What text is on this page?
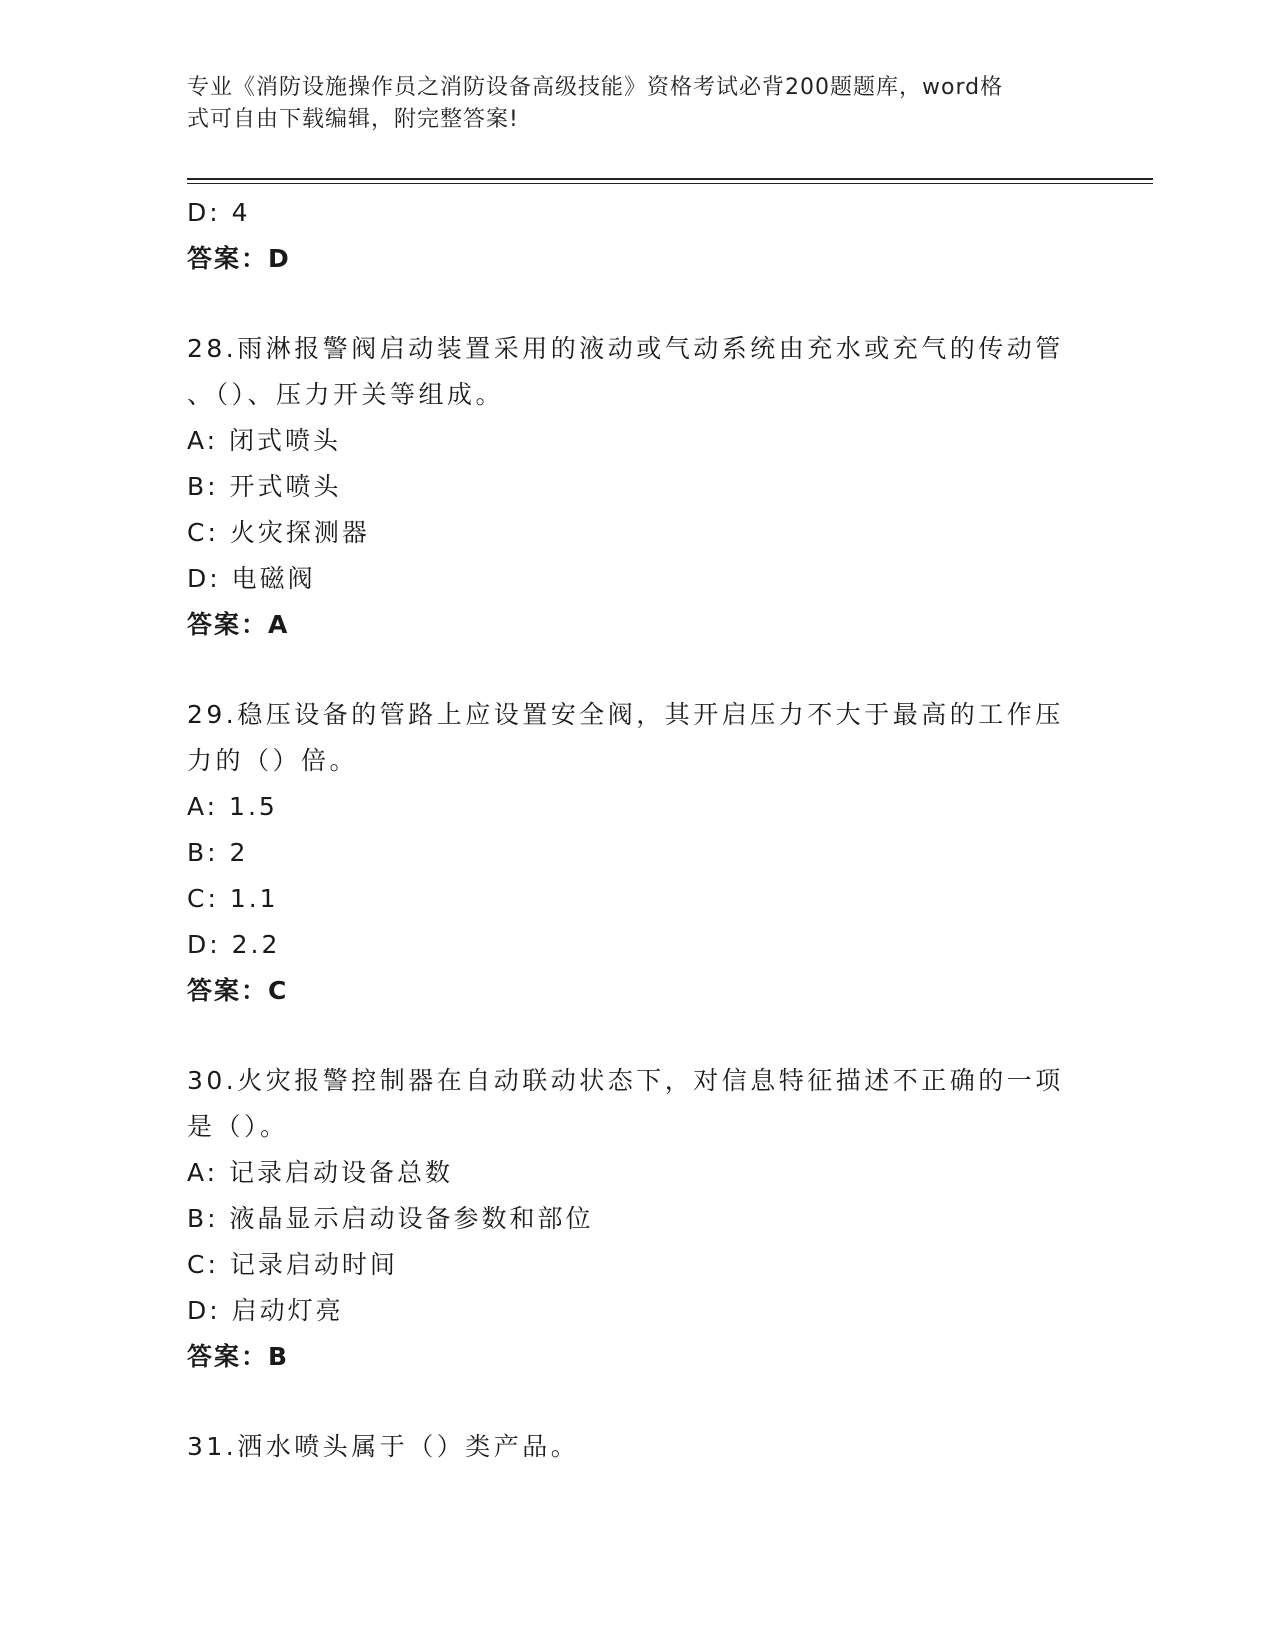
专业《消防设施操作员之消防设备高级技能》资格考试必背200题题库，word格
式可自由下载编辑，附完整答案!
D: 4
答案：D
28.雨淋报警阀启动装置采用的液动或气动系统由充水或充气的传动管
、（）、压力开关等组成。
A: 闭式喷头
B: 开式喷头
C: 火灾探测器
D: 电磁阀
答案：A
29.稳压设备的管路上应设置安全阀，其开启压力不大于最高的工作压
力的（）倍。
A: 1.5
B: 2
C: 1.1
D: 2.2
答案：C
30.火灾报警控制器在自动联动状态下，对信息特征描述不正确的一项
是（）。
A: 记录启动设备总数
B: 液晶显示启动设备参数和部位
C: 记录启动时间
D: 启动灯亮
答案：B
31.洒水喷头属于（）类产品。
